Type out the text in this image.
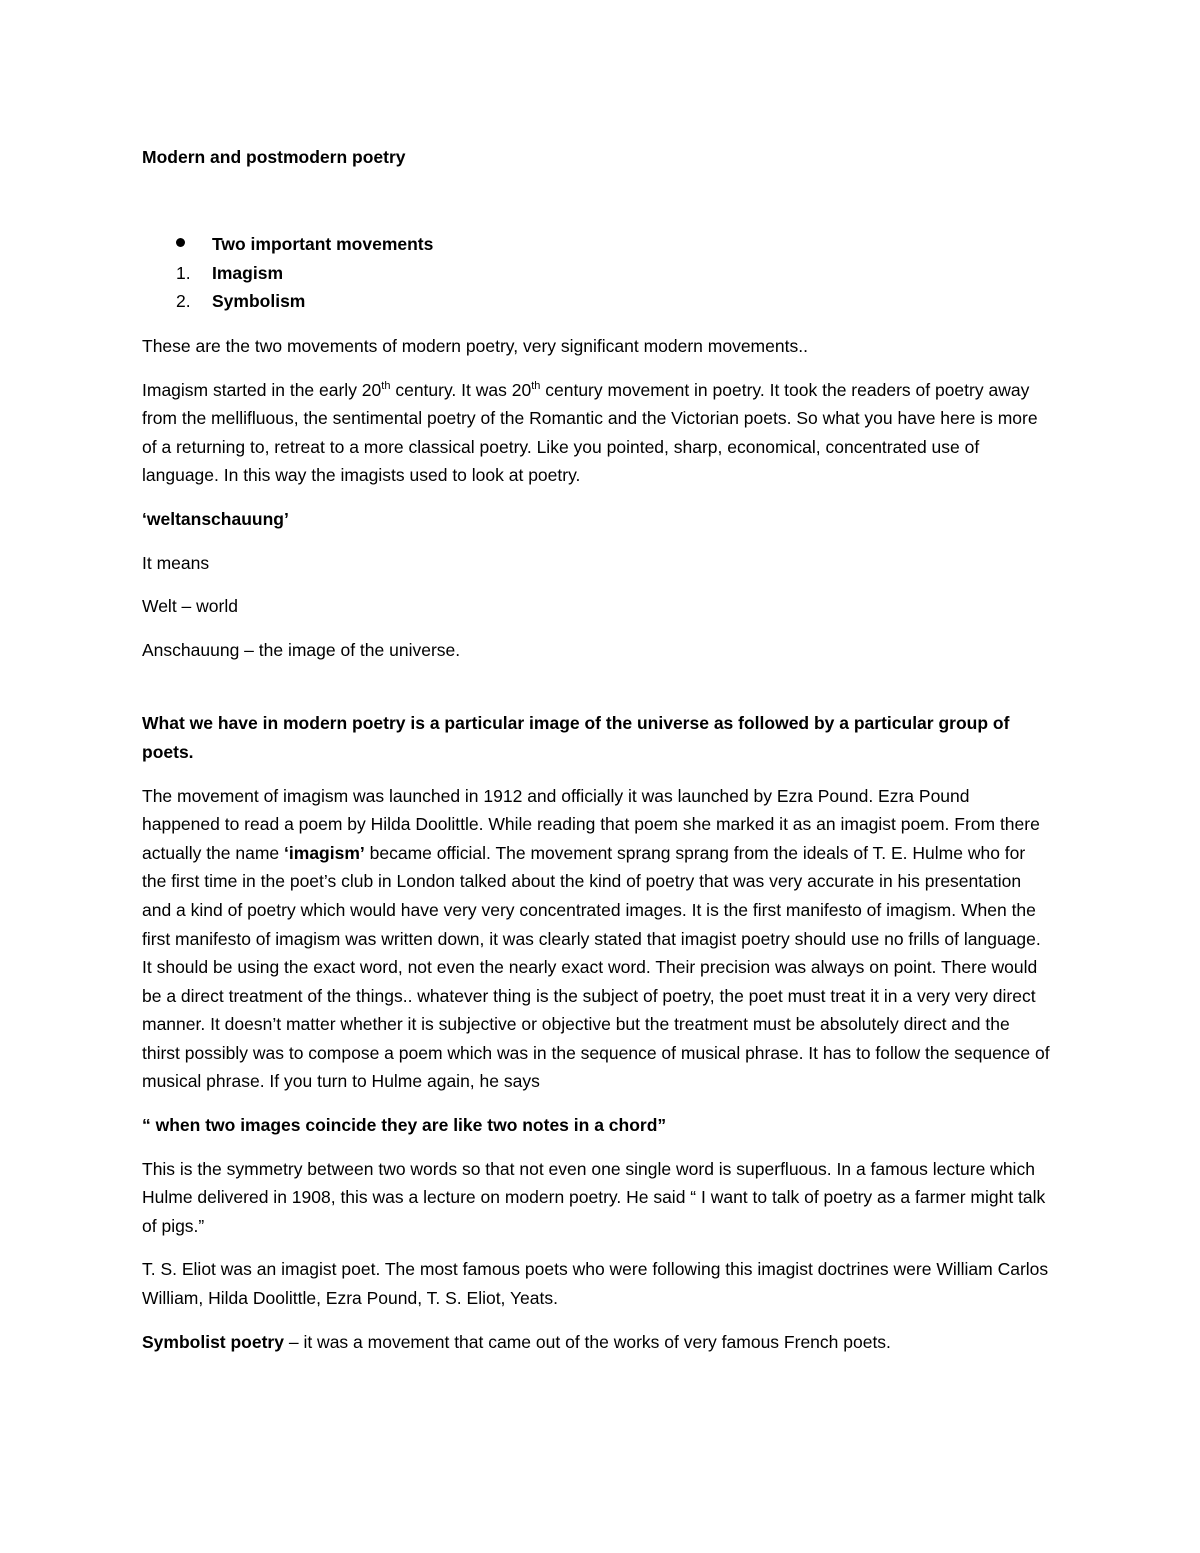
Modern and postmodern poetry
Two important movements
1. Imagism
2. Symbolism

These are the two movements of modern poetry, very significant modern movements..

Imagism started in the early 20th century. It was 20th century movement in poetry. It took the readers of poetry away from the mellifluous, the sentimental poetry of the Romantic and the Victorian poets. So what you have here is more of a returning to, retreat to a more classical poetry. Like you pointed, sharp, economical, concentrated use of language. In this way the imagists used to look at poetry.

‘weltanschauung’

It means

Welt – world

Anschauung – the image of the universe.

What we have in modern poetry is a particular image of the universe as followed by a particular group of poets.

The movement of imagism was launched in 1912 and officially it was launched by Ezra Pound. Ezra Pound happened to read a poem by Hilda Doolittle. While reading that poem she marked it as an imagist poem. From there actually the name ‘imagism’ became official. The movement sprang sprang from the ideals of T. E. Hulme who for the first time in the poet’s club in London talked about the kind of poetry that was very accurate in his presentation and a kind of poetry which would have very very concentrated images. It is the first manifesto of imagism. When the first manifesto of imagism was written down, it was clearly stated that imagist poetry should use no frills of language. It should be using the exact word, not even the nearly exact word. Their precision was always on point. There would be a direct treatment of the things.. whatever thing is the subject of poetry, the poet must treat it in a very very direct manner. It doesn’t matter whether it is subjective or objective but the treatment must be absolutely direct and the thirst possibly was to compose a poem which was in the sequence of musical phrase. It has to follow the sequence of musical phrase. If you turn to Hulme again, he says

“ when two images coincide they are like two notes in a chord”

This is the symmetry between two words so that not even one single word is superfluous. In a famous lecture which Hulme delivered in 1908, this was a lecture on modern poetry. He said “ I want to talk of poetry as a farmer might talk of pigs.”

T. S. Eliot was an imagist poet. The most famous poets who were following this imagist doctrines were William Carlos William, Hilda Doolittle, Ezra Pound, T. S. Eliot, Yeats.

Symbolist poetry – it was a movement that came out of the works of very famous French poets.
